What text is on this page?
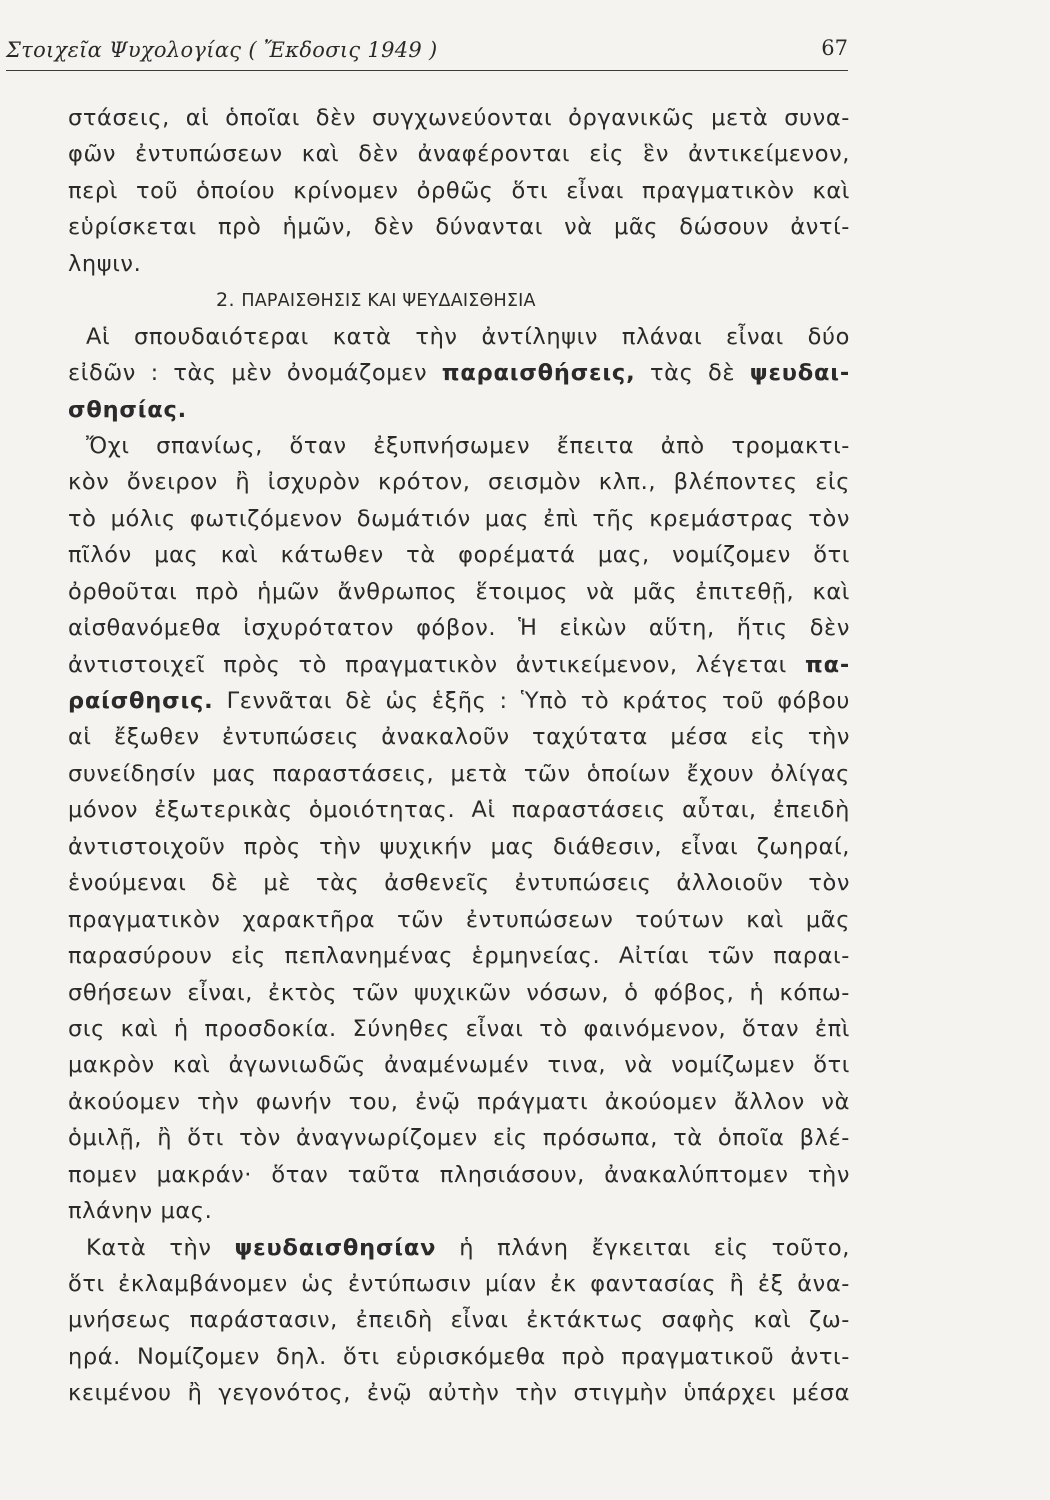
Στοιχεῖα Ψυχολογίας ( Ἔκδοσις 1949 )	67
στάσεις, αἱ ὁποῖαι δὲν συγχωνεύονται ὀργανικῶς μετὰ συνα-
φῶν ἐντυπώσεων καὶ δὲν ἀναφέρονται εἰς ἓν ἀντικείμενον,
περὶ τοῦ ὁποίου κρίνομεν ὀρθῶς ὅτι εἶναι πραγματικὸν καὶ
εὑρίσκεται πρὸ ἡμῶν, δὲν δύνανται νὰ μᾶς δώσουν ἀντί-
ληψιν.
2. ΠΑΡΑΙΣΘΗΣΙΣ ΚΑΙ ΨΕΥΔΑΙΣΘΗΣΙΑ
Αἱ σπουδαιότεραι κατὰ τὴν ἀντίληψιν πλάναι εἶναι δύο
εἰδῶν : τὰς μὲν ὀνομάζομεν παραισθήσεις, τὰς δὲ ψευδαι-
σθησίας.
Ὄχι σπανίως, ὅταν ἐξυπνήσωμεν ἔπειτα ἀπὸ τρομακτι-
κὸν ὄνειρον ἢ ἰσχυρὸν κρότον, σεισμὸν κλπ., βλέποντες εἰς
τὸ μόλις φωτιζόμενον δωμάτιόν μας ἐπὶ τῆς κρεμάστρας τὸν
πῖλόν μας καὶ κάτωθεν τὰ φορέματά μας, νομίζομεν ὅτι
ὀρθοῦται πρὸ ἡμῶν ἄνθρωπος ἕτοιμος νὰ μᾶς ἐπιτεθῇ, καὶ
αἰσθανόμεθα ἰσχυρότατον φόβον. Ἡ εἰκὼν αὕτη, ἥτις δὲν
ἀντιστοιχεῖ πρὸς τὸ πραγματικὸν ἀντικείμενον, λέγεται πα-
ραίσθησις. Γεννᾶται δὲ ὡς ἑξῆς : Ὑπὸ τὸ κράτος τοῦ φόβου
αἱ ἔξωθεν ἐντυπώσεις ἀνακαλοῦν ταχύτατα μέσα εἰς τὴν
συνείδησίν μας παραστάσεις, μετὰ τῶν ὁποίων ἔχουν ὀλίγας
μόνον ἐξωτερικὰς ὁμοιότητας. Αἱ παραστάσεις αὗται, ἐπειδὴ
ἀντιστοιχοῦν πρὸς τὴν ψυχικήν μας διάθεσιν, εἶναι ζωηραί,
ἑνούμεναι δὲ μὲ τὰς ἀσθενεῖς ἐντυπώσεις ἀλλοιοῦν τὸν
πραγματικὸν χαρακτῆρα τῶν ἐντυπώσεων τούτων καὶ μᾶς
παρασύρουν εἰς πεπλανημένας ἑρμηνείας. Αἰτίαι τῶν παραι-
σθήσεων εἶναι, ἐκτὸς τῶν ψυχικῶν νόσων, ὁ φόβος, ἡ κόπω-
σις καὶ ἡ προσδοκία. Σύνηθες εἶναι τὸ φαινόμενον, ὅταν ἐπὶ
μακρὸν καὶ ἀγωνιωδῶς ἀναμένωμέν τινα, νὰ νομίζωμεν ὅτι
ἀκούομεν τὴν φωνήν του, ἐνῷ πράγματι ἀκούομεν ἄλλον νὰ
ὁμιλῇ, ἢ ὅτι τὸν ἀναγνωρίζομεν εἰς πρόσωπα, τὰ ὁποῖα βλέ-
πομεν μακράν· ὅταν ταῦτα πλησιάσουν, ἀνακαλύπτομεν τὴν
πλάνην μας.
Κατὰ τὴν ψευδαισθησίαν ἡ πλάνη ἔγκειται εἰς τοῦτο,
ὅτι ἐκλαμβάνομεν ὡς ἐντύπωσιν μίαν ἐκ φαντασίας ἢ ἐξ ἀνα-
μνήσεως παράστασιν, ἐπειδὴ εἶναι ἐκτάκτως σαφὴς καὶ ζω-
ηρά. Νομίζομεν δηλ. ὅτι εὑρισκόμεθα πρὸ πραγματικοῦ ἀντι-
κειμένου ἢ γεγονότος, ἐνῷ αὐτὴν τὴν στιγμὴν ὑπάρχει μέσα
